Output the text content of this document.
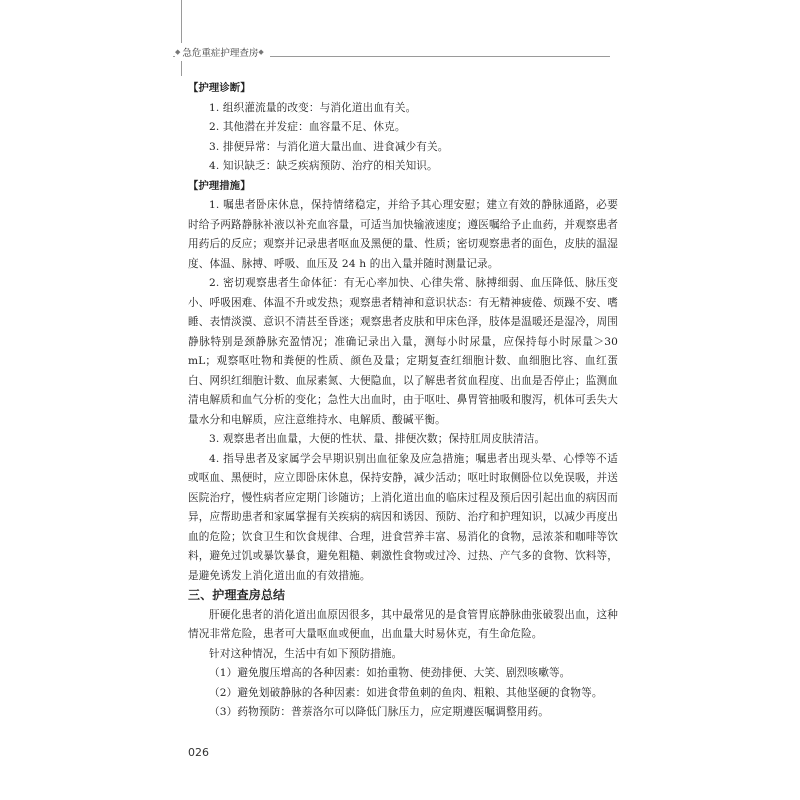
◆ 急危重症护理查房 ◆

【护理诊断】

1. 组织灌流量的改变：与消化道出血有关。

2. 其他潜在并发症：血容量不足、休克。

3. 排便异常：与消化道大量出血、进食减少有关。

4. 知识缺乏：缺乏疾病预防、治疗的相关知识。

【护理措施】

1. 嘱患者卧床休息，保持情绪稳定，并给予其心理安慰；建立有效的静脉通路，必要时给予两路静脉补液以补充血容量，可适当加快输液速度；遵医嘱给予止血药，并观察患者用药后的反应；观察并记录患者呕血及黑便的量、性质；密切观察患者的面色，皮肤的温湿度、体温、脉搏、呼吸、血压及 24 h 的出入量并随时测量记录。

2. 密切观察患者生命体征：有无心率加快、心律失常、脉搏细弱、血压降低、脉压变小、呼吸困难、体温不升或发热；观察患者精神和意识状态：有无精神疲倦、烦躁不安、嗜睡、表情淡漠、意识不清甚至昏迷；观察患者皮肤和甲床色泽，肢体是温暖还是湿冷，周围静脉特别是颈静脉充盈情况；准确记录出入量，测每小时尿量，应保持每小时尿量＞30 mL；观察呕吐物和粪便的性质、颜色及量；定期复查红细胞计数、血细胞比容、血红蛋白、网织红细胞计数、血尿素氮、大便隐血，以了解患者贫血程度、出血是否停止；监测血清电解质和血气分析的变化；急性大出血时，由于呕吐、鼻胃管抽吸和腹泻，机体可丢失大量水分和电解质，应注意维持水、电解质、酸碱平衡。

3. 观察患者出血量，大便的性状、量、排便次数；保持肛周皮肤清洁。

4. 指导患者及家属学会早期识别出血征象及应急措施；嘱患者出现头晕、心悸等不适或呕血、黑便时，应立即卧床休息，保持安静，减少活动；呕吐时取侧卧位以免误吸，并送医院治疗，慢性病者应定期门诊随访；上消化道出血的临床过程及预后因引起出血的病因而异，应帮助患者和家属掌握有关疾病的病因和诱因、预防、治疗和护理知识，以减少再度出血的危险；饮食卫生和饮食规律、合理，进食营养丰富、易消化的食物，忌浓茶和咖啡等饮料，避免过饥或暴饮暴食，避免粗糙、刺激性食物或过冷、过热、产气多的食物、饮料等，是避免诱发上消化道出血的有效措施。

三、护理查房总结

肝硬化患者的消化道出血原因很多，其中最常见的是食管胃底静脉曲张破裂出血，这种情况非常危险，患者可大量呕血或便血，出血量大时易休克，有生命危险。

针对这种情况，生活中有如下预防措施。

（1）避免腹压增高的各种因素：如抬重物、使劲排便、大笑、剧烈咳嗽等。

（2）避免划破静脉的各种因素：如进食带鱼刺的鱼肉、粗粮、其他坚硬的食物等。

（3）药物预防：普萘洛尔可以降低门脉压力，应定期遵医嘱调整用药。

026
